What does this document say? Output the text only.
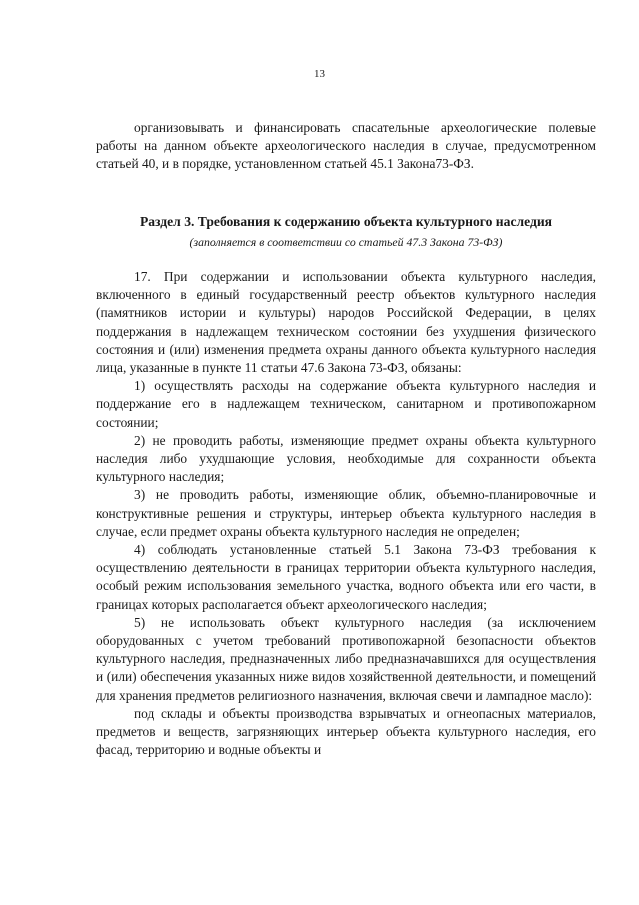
13

организовывать и финансировать спасательные археологические полевые работы на данном объекте археологического наследия в случае, предусмотренном статьей 40, и в порядке, установленном статьей 45.1 Закона73-ФЗ.

Раздел 3. Требования к содержанию объекта культурного наследия
(заполняется в соответствии со статьей 47.3 Закона 73-ФЗ)

17. При содержании и использовании объекта культурного наследия, включенного в единый государственный реестр объектов культурного наследия (памятников истории и культуры) народов Российской Федерации, в целях поддержания в надлежащем техническом состоянии без ухудшения физического состояния и (или) изменения предмета охраны данного объекта культурного наследия лица, указанные в пункте 11 статьи 47.6 Закона 73-ФЗ, обязаны:

1) осуществлять расходы на содержание объекта культурного наследия и поддержание его в надлежащем техническом, санитарном и противопожарном состоянии;

2) не проводить работы, изменяющие предмет охраны объекта культурного наследия либо ухудшающие условия, необходимые для сохранности объекта культурного наследия;

3) не проводить работы, изменяющие облик, объемно-планировочные и конструктивные решения и структуры, интерьер объекта культурного наследия в случае, если предмет охраны объекта культурного наследия не определен;

4) соблюдать установленные статьей 5.1 Закона 73-ФЗ требования к осуществлению деятельности в границах территории объекта культурного наследия, особый режим использования земельного участка, водного объекта или его части, в границах которых располагается объект археологического наследия;

5) не использовать объект культурного наследия (за исключением оборудованных с учетом требований противопожарной безопасности объектов культурного наследия, предназначенных либо предназначавшихся для осуществления и (или) обеспечения указанных ниже видов хозяйственной деятельности, и помещений для хранения предметов религиозного назначения, включая свечи и лампадное масло):

под склады и объекты производства взрывчатых и огнеопасных материалов, предметов и веществ, загрязняющих интерьер объекта культурного наследия, его фасад, территорию и водные объекты и
